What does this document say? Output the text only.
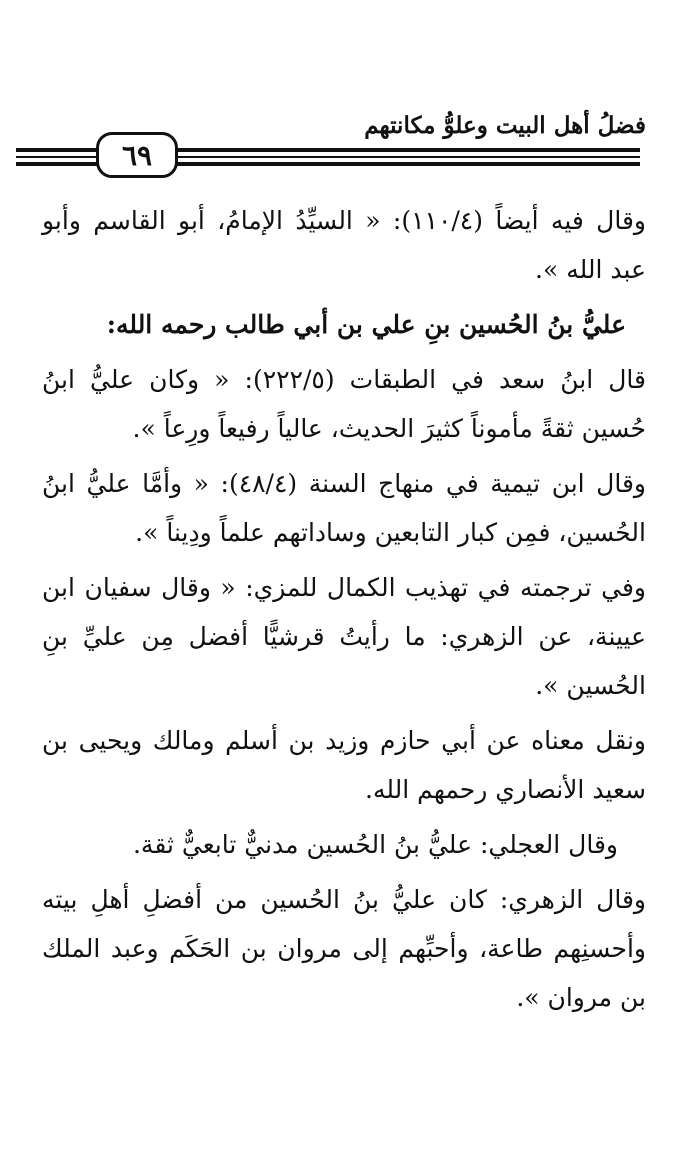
فضلُ أهل البيت وعلوُّ مكانتهم
٦٩

وقال فيه أيضاً (١١٠/٤): « السيِّدُ الإمامُ، أبو القاسم وأبو عبد الله ».

عليُّ بنُ الحُسين بنِ علي بن أبي طالب رحمه الله:

قال ابنُ سعد في الطبقات (٢٢٢/٥): « وكان عليُّ ابنُ حُسين ثقةً مأموناً كثيرَ الحديث، عالياً رفيعاً ورِعاً ».

وقال ابن تيمية في منهاج السنة (٤٨/٤): « وأمَّا عليُّ ابنُ الحُسين، فمِن كبار التابعين وساداتهم علماً ودِيناً ».

وفي ترجمته في تهذيب الكمال للمزي: « وقال سفيان ابن عيينة، عن الزهري: ما رأيتُ قرشيًّا أفضل مِن عليِّ بنِ الحُسين ».

ونقل معناه عن أبي حازم وزيد بن أسلم ومالك ويحيى بن سعيد الأنصاري رحمهم الله.

وقال العجلي: عليُّ بنُ الحُسين مدنيٌّ تابعيٌّ ثقة.

وقال الزهري: كان عليُّ بنُ الحُسين من أفضلِ أهلِ بيته وأحسنِهم طاعة، وأحبِّهم إلى مروان بن الحَكَم وعبد الملك بن مروان ».
